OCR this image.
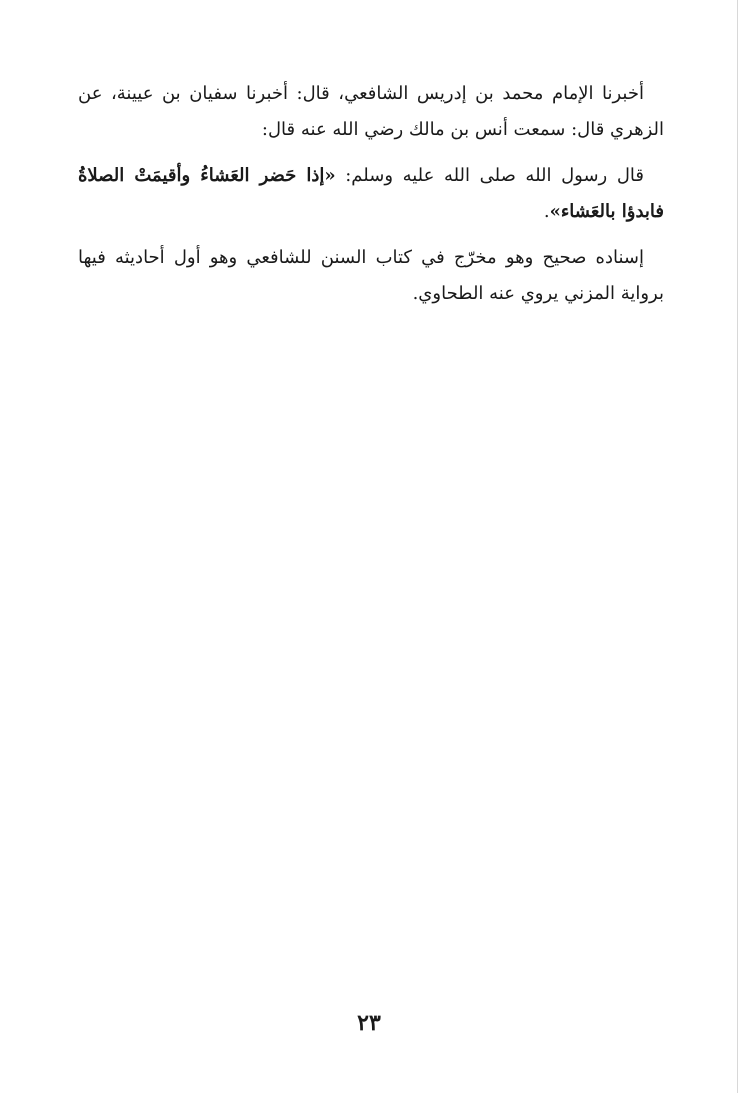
أخبرنا الإمام محمد بن إدريس الشافعي، قال: أخبرنا سفيان بن عيينة، عن الزهري قال: سمعت أنس بن مالك رضي الله عنه قال:

قال رسول الله صلى الله عليه وسلم: «إذا حَضر العَشاءُ وأقيمَتْ الصلاةُ فابدؤا بالعَشاء».

إسناده صحيح وهو مخرّج في كتاب السنن للشافعي وهو أول أحاديثه فيها برواية المزني يروي عنه الطحاوي.

٢٣
